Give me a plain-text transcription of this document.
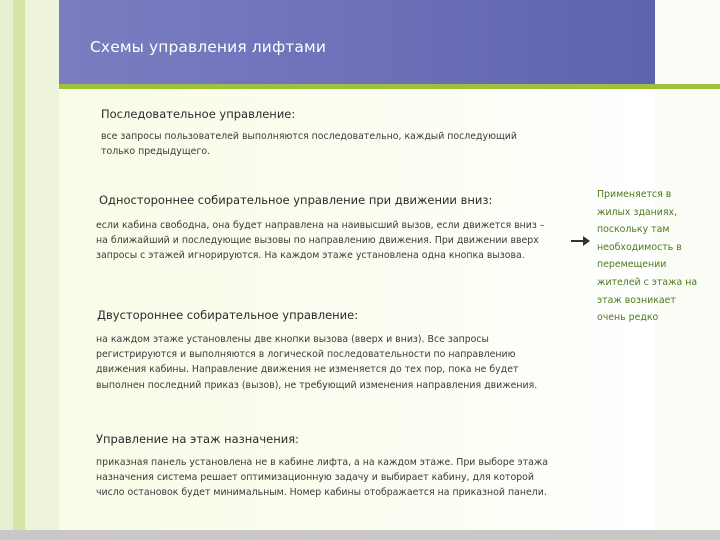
Схемы управления лифтами
Последовательное управление:
все запросы пользователей выполняются последовательно, каждый последующий
только предыдущего.
Одностороннее собирательное управление при движении вниз:
если кабина свободна, она будет направлена на наивысший вызов, если движется вниз –
на ближайший и последующие вызовы по направлению движения. При движении вверх
запросы с этажей игнорируются. На каждом этаже установлена одна кнопка вызова.
Применяется в
жилых зданиях,
поскольку там
необходимость в
перемещении
жителей с этажа на
этаж возникает
очень редко
Двустороннее собирательное управление:
на каждом этаже установлены две кнопки вызова (вверх и вниз). Все запросы
регистрируются и выполняются в логической последовательности по направлению
движения кабины. Направление движения не изменяется до тех пор, пока не будет
выполнен последний приказ (вызов), не требующий изменения направления движения.
Управление на этаж назначения:
приказная панель установлена не в кабине лифта, а на каждом этаже. При выборе этажа
назначения система решает оптимизационную задачу и выбирает кабину, для которой
число остановок будет минимальным. Номер кабины отображается на приказной панели.
